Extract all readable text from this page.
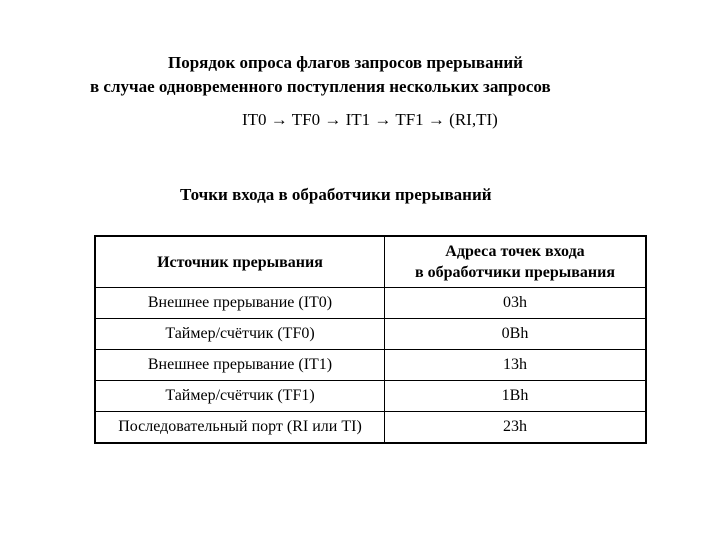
Порядок опроса флагов запросов прерываний
в случае одновременного поступления нескольких запросов
IT0 → TF0 → IT1 → TF1 → (RI,TI)
Точки входа в обработчики прерываний
Источник прерывания	Адреса точек входа
в обработчики прерывания
Внешнее прерывание (IT0)	03h
Таймер/счётчик (TF0)	0Bh
Внешнее прерывание (IT1)	13h
Таймер/счётчик (TF1)	1Bh
Последовательный порт (RI или TI)	23h
